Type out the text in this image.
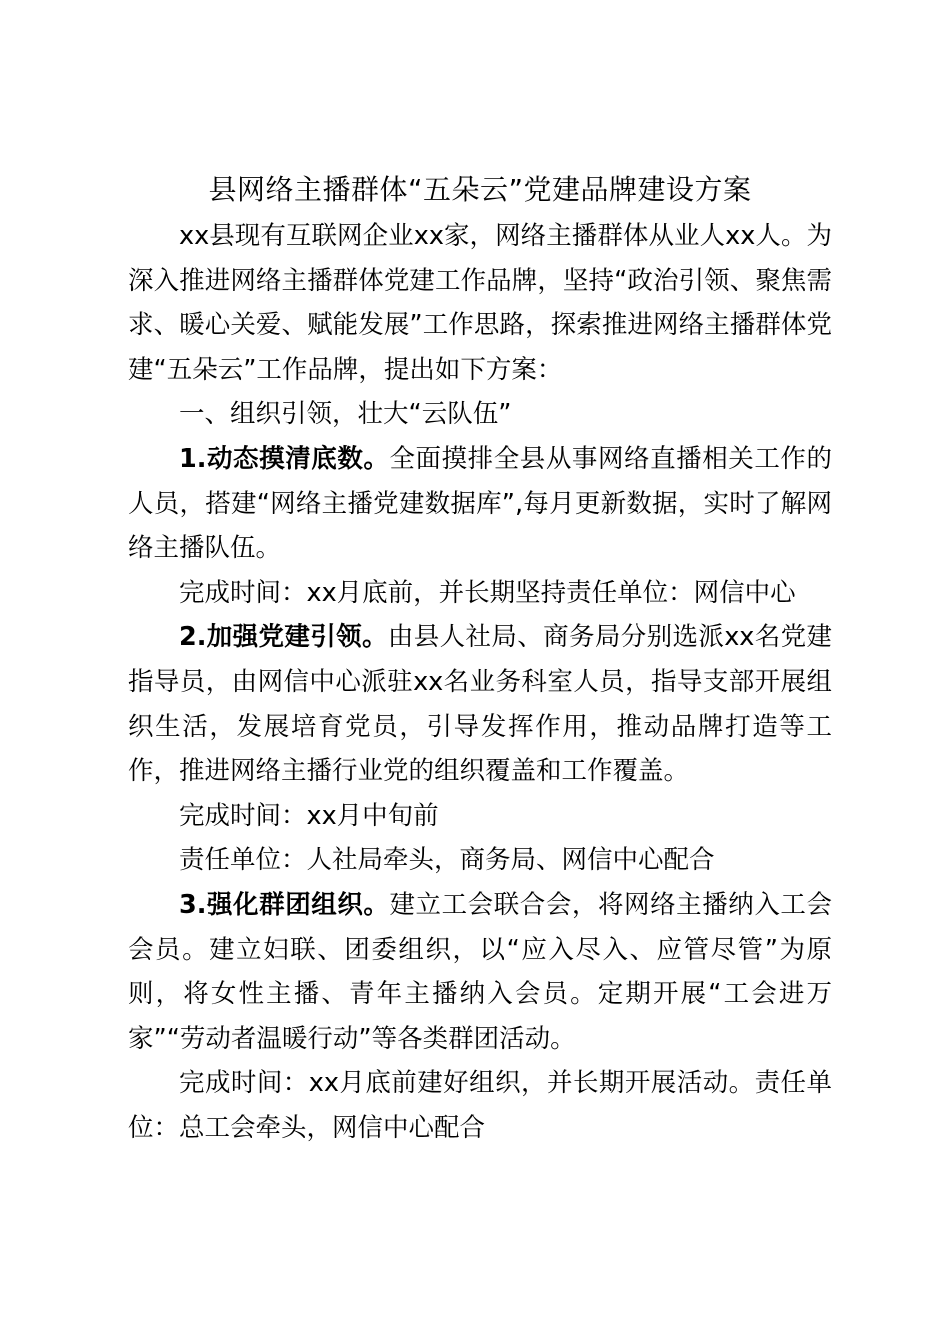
县网络主播群体“五朵云”党建品牌建设方案

xx县现有互联网企业xx家，网络主播群体从业人xx人。为深入推进网络主播群体党建工作品牌，坚持“政治引领、聚焦需求、暖心关爱、赋能发展”工作思路，探索推进网络主播群体党建“五朵云”工作品牌，提出如下方案：

一、组织引领，壮大“云队伍”

1.动态摸清底数。全面摸排全县从事网络直播相关工作的人员，搭建“网络主播党建数据库”,每月更新数据，实时了解网络主播队伍。

完成时间：xx月底前，并长期坚持责任单位：网信中心

2.加强党建引领。由县人社局、商务局分别选派xx名党建指导员，由网信中心派驻xx名业务科室人员，指导支部开展组织生活，发展培育党员，引导发挥作用，推动品牌打造等工作，推进网络主播行业党的组织覆盖和工作覆盖。

完成时间：xx月中旬前

责任单位：人社局牵头，商务局、网信中心配合

3.强化群团组织。建立工会联合会，将网络主播纳入工会会员。建立妇联、团委组织，以“应入尽入、应管尽管”为原则，将女性主播、青年主播纳入会员。定期开展“工会进万家”“劳动者温暖行动”等各类群团活动。

完成时间：xx月底前建好组织，并长期开展活动。责任单位：总工会牵头，网信中心配合
